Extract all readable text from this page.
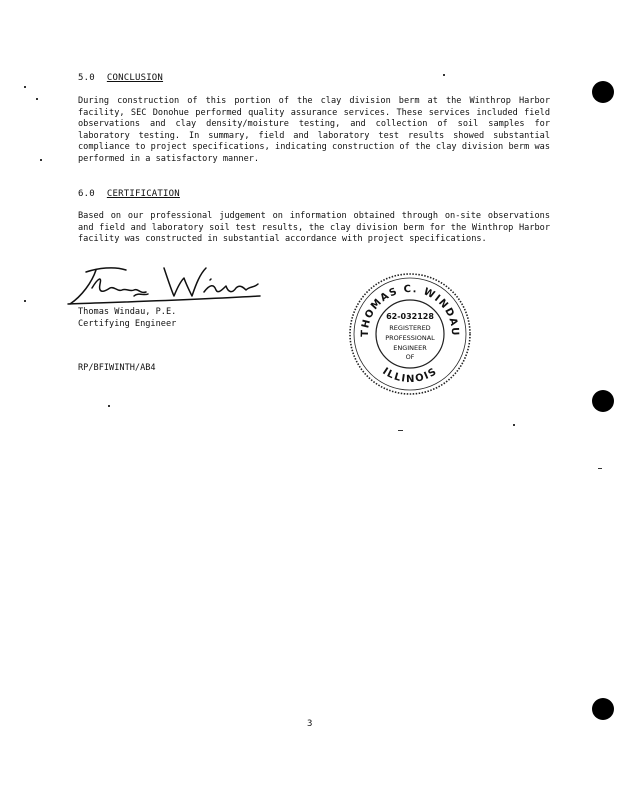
5.0 CONCLUSION
During construction of this portion of the clay division berm at the Winthrop Harbor facility, SEC Donohue performed quality assurance services. These services included field observations and clay density/moisture testing, and collection of soil samples for laboratory testing. In summary, field and laboratory test results showed substantial compliance to project specifications, indicating construction of the clay division berm was performed in a satisfactory manner.
6.0 CERTIFICATION
Based on our professional judgement on information obtained through on-site observations and field and laboratory soil test results, the clay division berm for the Winthrop Harbor facility was constructed in substantial accordance with project specifications.
Thomas Windau, P.E.
Certifying Engineer
THOMAS C. WINDAU
ILLINOIS
62-032128
REGISTERED
PROFESSIONAL
ENGINEER
OF
RP/BFIWINTH/AB4
3
